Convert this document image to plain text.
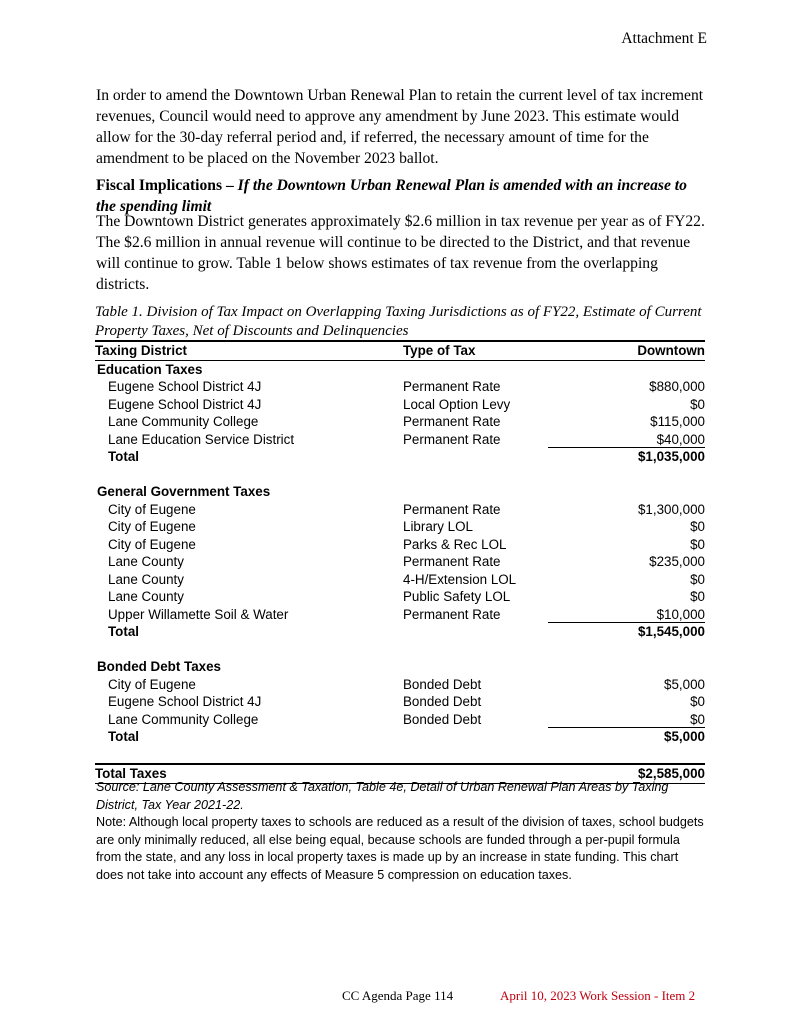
Attachment E
In order to amend the Downtown Urban Renewal Plan to retain the current level of tax increment revenues, Council would need to approve any amendment by June 2023. This estimate would allow for the 30-day referral period and, if referred, the necessary amount of time for the amendment to be placed on the November 2023 ballot.
Fiscal Implications – If the Downtown Urban Renewal Plan is amended with an increase to the spending limit
The Downtown District generates approximately $2.6 million in tax revenue per year as of FY22. The $2.6 million in annual revenue will continue to be directed to the District, and that revenue will continue to grow. Table 1 below shows estimates of tax revenue from the overlapping districts.
Table 1. Division of Tax Impact on Overlapping Taxing Jurisdictions as of FY22, Estimate of Current Property Taxes, Net of Discounts and Delinquencies
Taxing District	Type of Tax	Downtown
Education Taxes		
Eugene School District 4J	Permanent Rate	$880,000
Eugene School District 4J	Local Option Levy	$0
Lane Community College	Permanent Rate	$115,000
Lane Education Service District	Permanent Rate	$40,000
Total		$1,035,000

General Government Taxes		
City of Eugene	Permanent Rate	$1,300,000
City of Eugene	Library LOL	$0
City of Eugene	Parks & Rec LOL	$0
Lane County	Permanent Rate	$235,000
Lane County	4-H/Extension LOL	$0
Lane County	Public Safety LOL	$0
Upper Willamette Soil & Water	Permanent Rate	$10,000
Total		$1,545,000

Bonded Debt Taxes		
City of Eugene	Bonded Debt	$5,000
Eugene School District 4J	Bonded Debt	$0
Lane Community College	Bonded Debt	$0
Total		$5,000

Total Taxes		$2,585,000
Source: Lane County Assessment & Taxation, Table 4e, Detail of Urban Renewal Plan Areas by Taxing District, Tax Year 2021-22.
Note: Although local property taxes to schools are reduced as a result of the division of taxes, school budgets are only minimally reduced, all else being equal, because schools are funded through a per-pupil formula from the state, and any loss in local property taxes is made up by an increase in state funding. This chart does not take into account any effects of Measure 5 compression on education taxes.
CC Agenda Page 114	April 10, 2023 Work Session - Item 2
